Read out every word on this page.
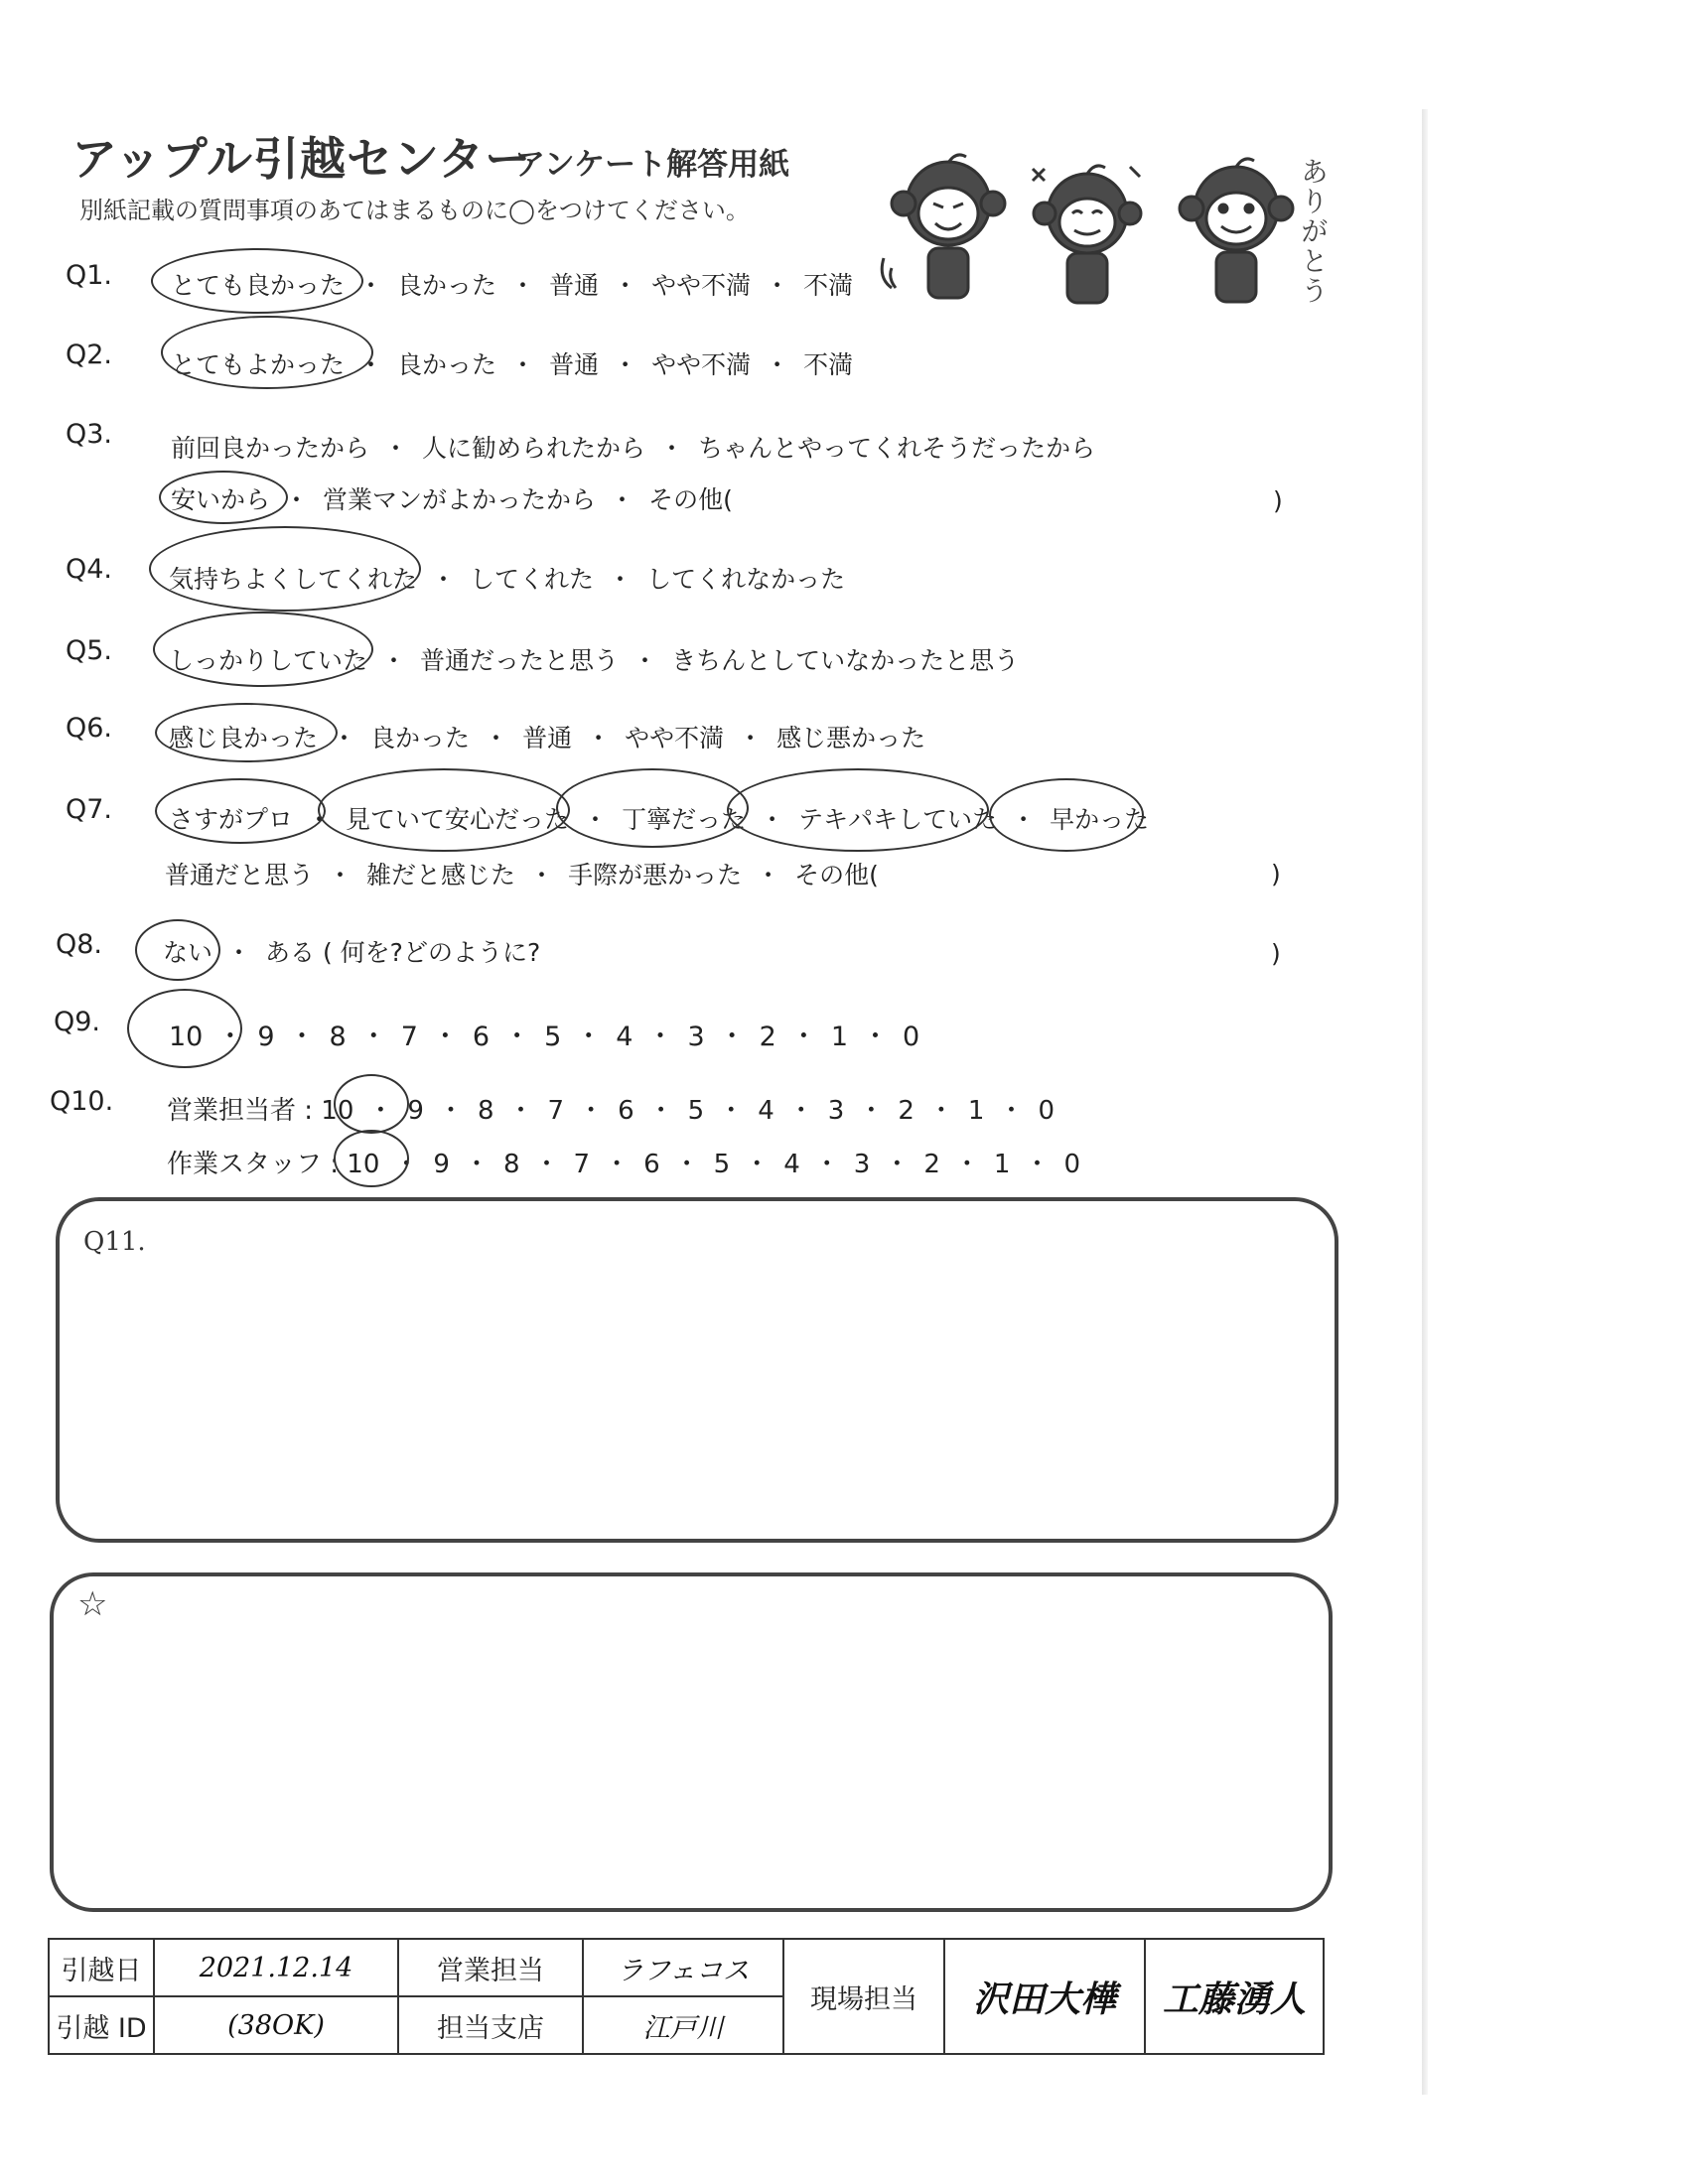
アップル引越センター
アンケート解答用紙
別紙記載の質問事項のあてはまるものに◯をつけてください。	ありがとう
Q1. とても良かった ・ 良かった ・ 普通 ・ やや不満 ・ 不満
Q2. とてもよかった ・ 良かった ・ 普通 ・ やや不満 ・ 不満
Q3. 前回良かったから ・ 人に勧められたから ・ ちゃんとやってくれそうだったから
安いから ・ 営業マンがよかったから ・ その他(	)
Q4. 気持ちよくしてくれた ・ してくれた ・ してくれなかった
Q5. しっかりしていた ・ 普通だったと思う ・ きちんとしていなかったと思う
Q6. 感じ良かった ・ 良かった ・ 普通 ・ やや不満 ・ 感じ悪かった
Q7. さすがプロ ・ 見ていて安心だった ・ 丁寧だった ・ テキパキしていた ・ 早かった
普通だと思う ・ 雑だと感じた ・ 手際が悪かった ・ その他(	)
Q8. ない ・ ある ( 何を?どのように?	)
Q9.	10 ・ 9 ・ 8 ・ 7 ・ 6 ・ 5 ・ 4 ・ 3 ・ 2 ・ 1 ・ 0
Q10. 営業担当者 : 10 ・ 9 ・ 8 ・ 7 ・ 6 ・ 5 ・ 4 ・ 3 ・ 2 ・ 1 ・ 0
作業スタッフ : 10 ・ 9 ・ 8 ・ 7 ・ 6 ・ 5 ・ 4 ・ 3 ・ 2 ・ 1 ・ 0
Q11.
☆
引越日	2021.12.14	営業担当	ラフェコス	現場担当	沢田大樺	工藤湧人
引越 ID	(38OK)	担当支店	江戸川			
